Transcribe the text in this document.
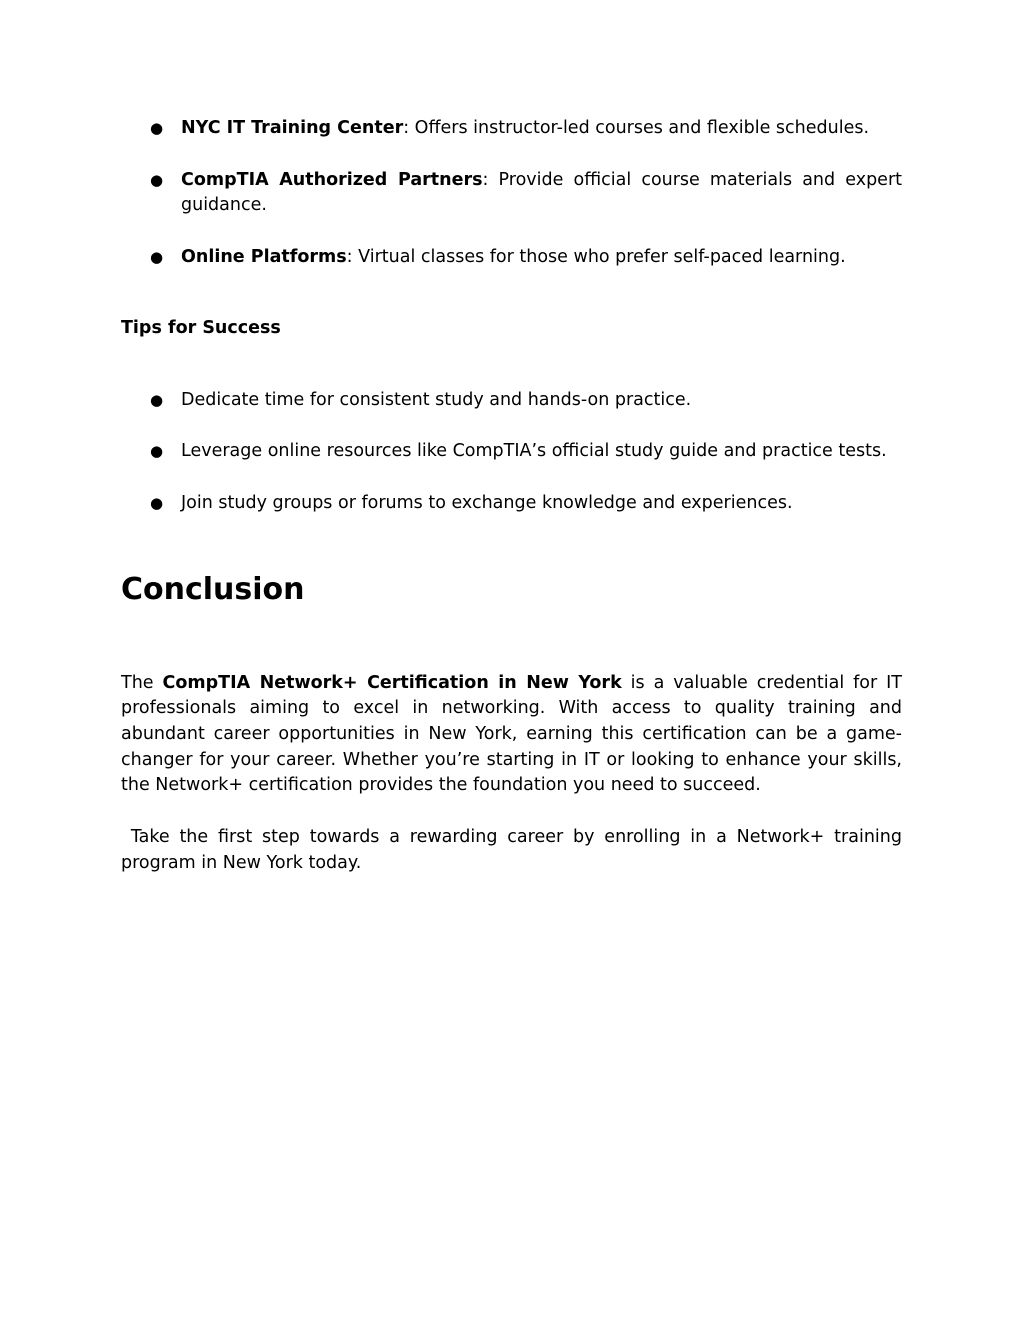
● NYC IT Training Center: Offers instructor-led courses and flexible schedules.
● CompTIA Authorized Partners: Provide official course materials and expert guidance.
● Online Platforms: Virtual classes for those who prefer self-paced learning.
Tips for Success
● Dedicate time for consistent study and hands-on practice.
● Leverage online resources like CompTIA’s official study guide and practice tests.
● Join study groups or forums to exchange knowledge and experiences.
Conclusion

The CompTIA Network+ Certification in New York is a valuable credential for IT professionals aiming to excel in networking. With access to quality training and abundant career opportunities in New York, earning this certification can be a game-changer for your career. Whether you’re starting in IT or looking to enhance your skills, the Network+ certification provides the foundation you need to succeed.

Take the first step towards a rewarding career by enrolling in a Network+ training program in New York today.
